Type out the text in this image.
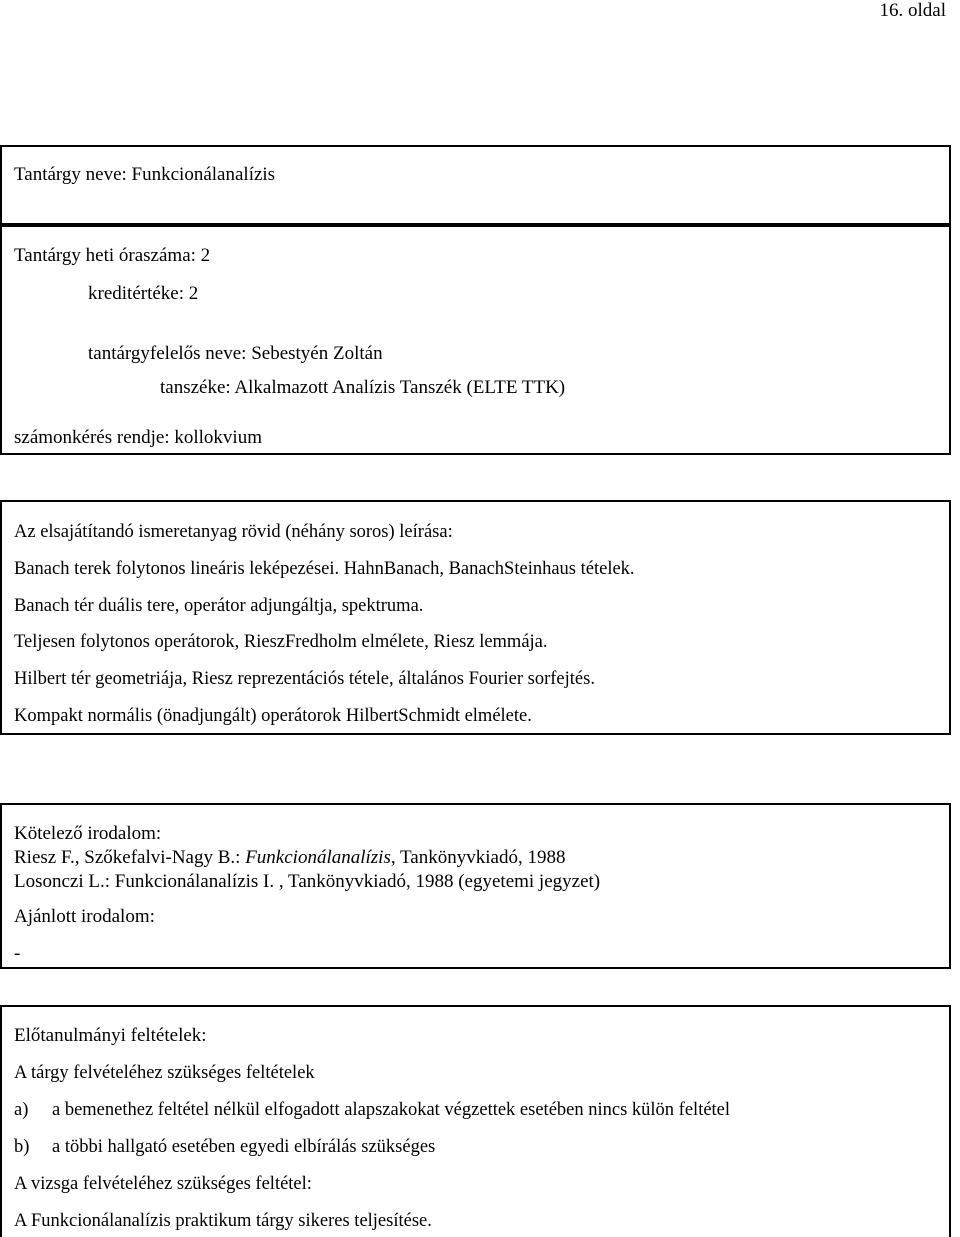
16. oldal
Tantárgy neve: Funkcionálanalízis
Tantárgy heti óraszáma: 2
kreditértéke: 2
tantárgyfelelős neve: Sebestyén Zoltán
tanszéke: Alkalmazott Analízis Tanszék (ELTE TTK)
számonkérés rendje: kollokvium
Az elsajátítandó ismeretanyag rövid (néhány soros) leírása:
Banach terek folytonos lineáris leképezései. HahnBanach, BanachSteinhaus tételek.
Banach tér duális tere, operátor adjungáltja, spektruma.
Teljesen folytonos operátorok, RieszFredholm elmélete, Riesz lemmája.
Hilbert tér geometriája, Riesz reprezentációs tétele, általános Fourier sorfejtés.
Kompakt normális (önadjungált) operátorok HilbertSchmidt elmélete.
Kötelező irodalom:
Riesz F., Szőkefalvi-Nagy B.: Funkcionálanalízis, Tankönyvkiadó, 1988
Losonczi L.: Funkcionálanalízis I. , Tankönyvkiadó, 1988 (egyetemi jegyzet)
Ajánlott irodalom:
-
Előtanulmányi feltételek:
A tárgy felvételéhez szükséges feltételek
a) a bemenethez feltétel nélkül elfogadott alapszakokat végzettek esetében nincs külön feltétel
b) a többi hallgató esetében egyedi elbírálás szükséges
A vizsga felvételéhez szükséges feltétel:
A Funkcionálanalízis praktikum tárgy sikeres teljesítése.
